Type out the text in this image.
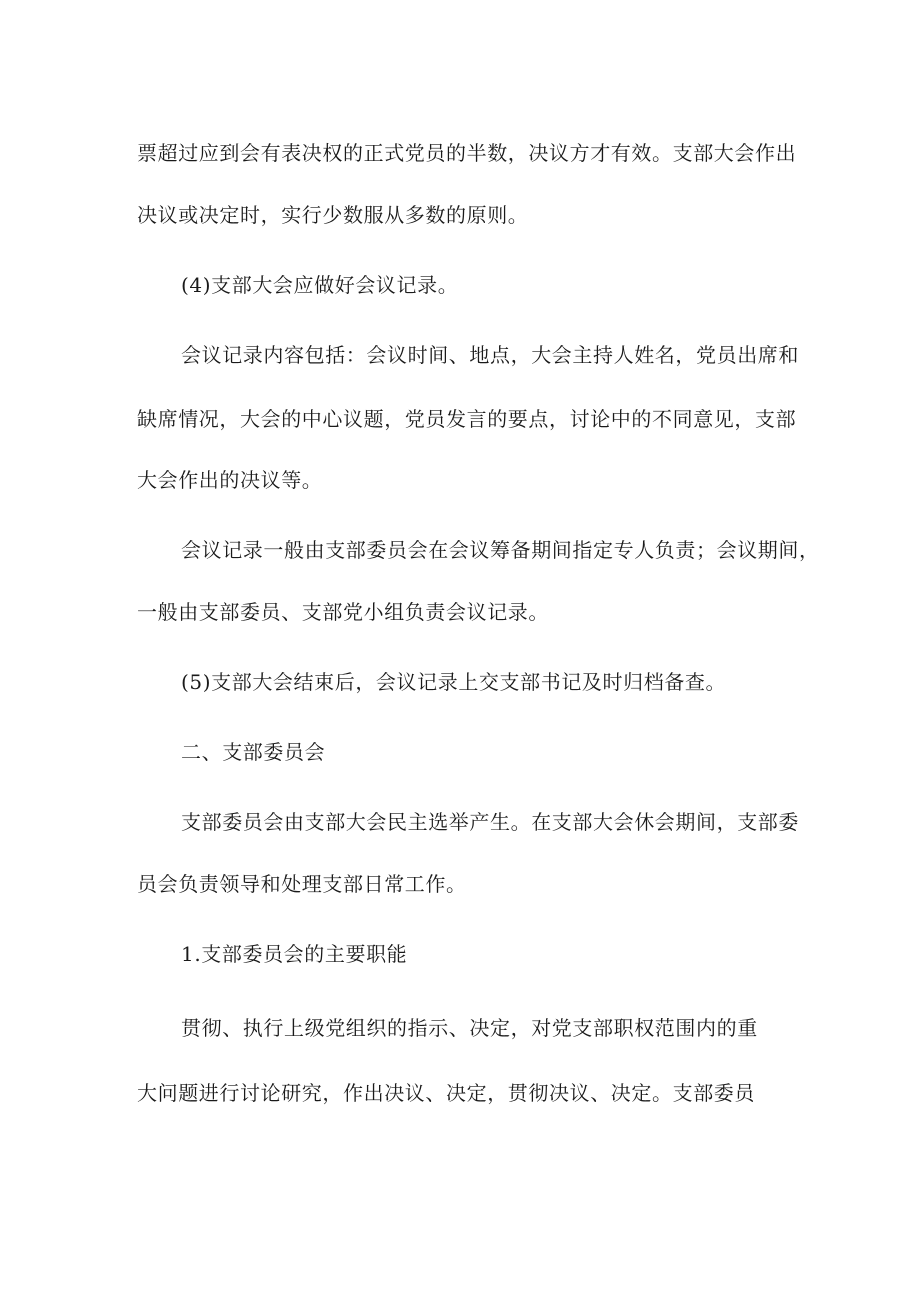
票超过应到会有表决权的正式党员的半数，决议方才有效。支部大会作出
决议或决定时，实行少数服从多数的原则。
(4)支部大会应做好会议记录。
会议记录内容包括：会议时间、地点，大会主持人姓名，党员出席和
缺席情况，大会的中心议题，党员发言的要点，讨论中的不同意见，支部
大会作出的决议等。
会议记录一般由支部委员会在会议筹备期间指定专人负责；会议期间，
一般由支部委员、支部党小组负责会议记录。
(5)支部大会结束后，会议记录上交支部书记及时归档备查。
二、支部委员会
支部委员会由支部大会民主选举产生。在支部大会休会期间，支部委
员会负责领导和处理支部日常工作。
1.支部委员会的主要职能
贯彻、执行上级党组织的指示、决定，对党支部职权范围内的重
大问题进行讨论研究，作出决议、决定，贯彻决议、决定。支部委员
